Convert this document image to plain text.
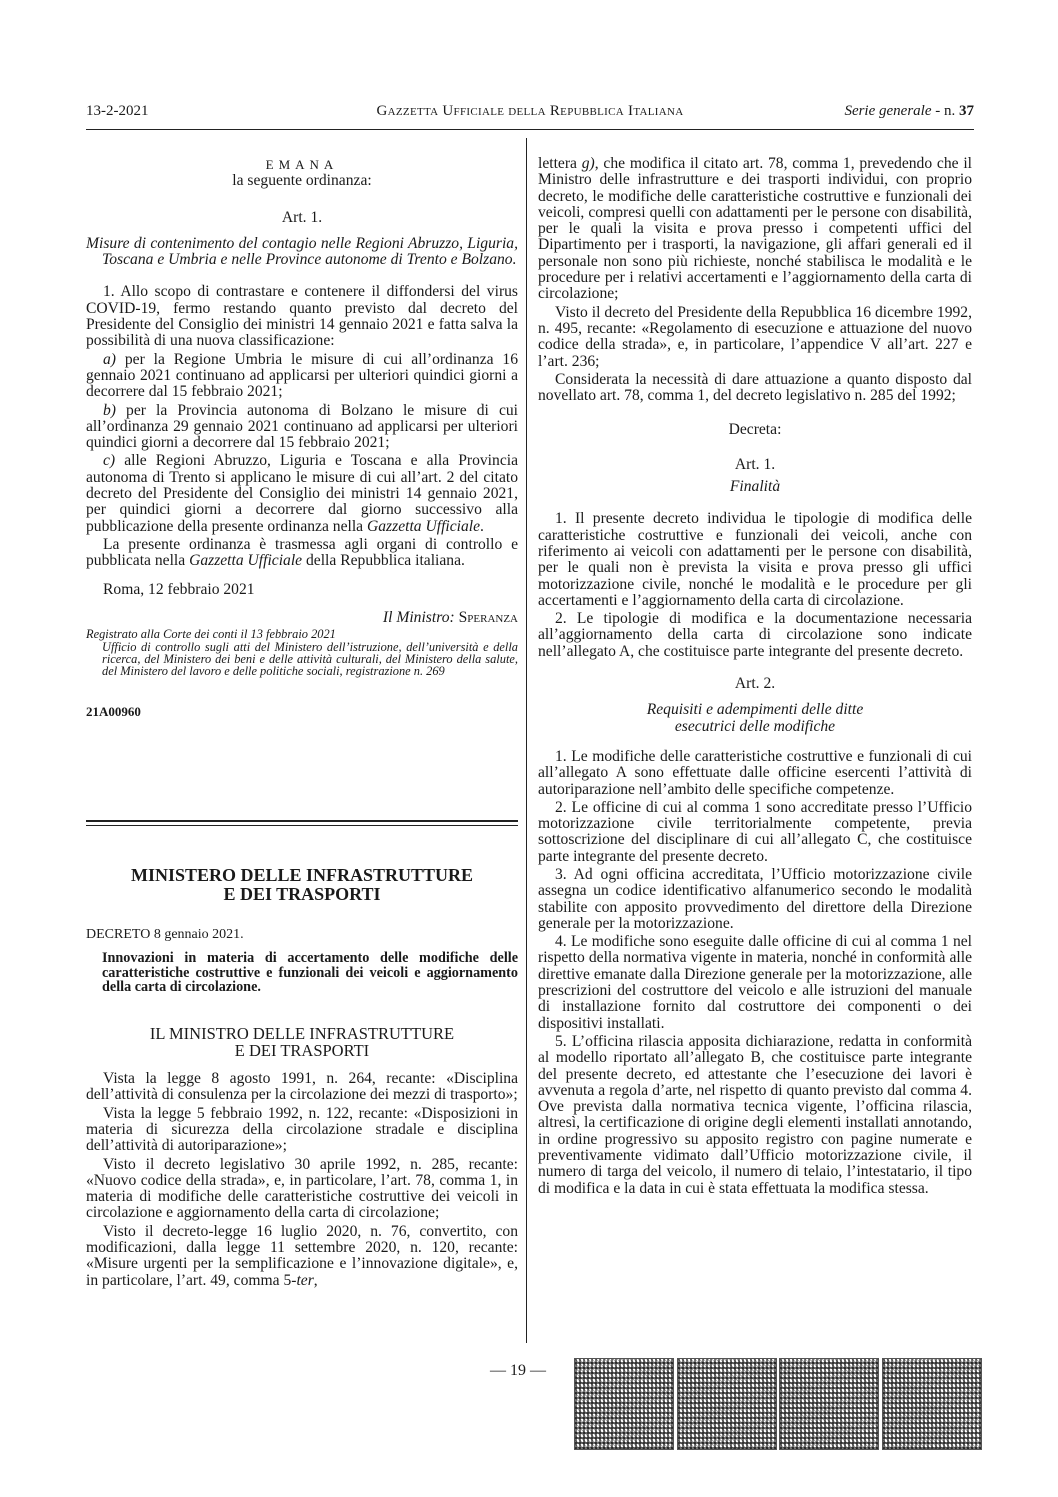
13-2-2021	Gazzetta Ufficiale della Repubblica Italiana	Serie generale - n. 37

EMANA

la seguente ordinanza:

Art. 1.

Misure di contenimento del contagio nelle Regioni Abruzzo, Liguria, Toscana e Umbria e nelle Province autonome di Trento e Bolzano.

1. Allo scopo di contrastare e contenere il diffondersi del virus COVID-19, fermo restando quanto previsto dal decreto del Presidente del Consiglio dei ministri 14 gennaio 2021 e fatta salva la possibilità di una nuova classificazione:

a) per la Regione Umbria le misure di cui all’ordinanza 16 gennaio 2021 continuano ad applicarsi per ulteriori quindici giorni a decorrere dal 15 febbraio 2021;

b) per la Provincia autonoma di Bolzano le misure di cui all’ordinanza 29 gennaio 2021 continuano ad applicarsi per ulteriori quindici giorni a decorrere dal 15 febbraio 2021;

c) alle Regioni Abruzzo, Liguria e Toscana e alla Provincia autonoma di Trento si applicano le misure di cui all’art. 2 del citato decreto del Presidente del Consiglio dei ministri 14 gennaio 2021, per quindici giorni a decorrere dal giorno successivo alla pubblicazione della presente ordinanza nella Gazzetta Ufficiale.

La presente ordinanza è trasmessa agli organi di controllo e pubblicata nella Gazzetta Ufficiale della Repubblica italiana.

Roma, 12 febbraio 2021

Il Ministro: Speranza

Registrato alla Corte dei conti il 13 febbraio 2021

Ufficio di controllo sugli atti del Ministero dell’istruzione, dell’università e della ricerca, del Ministero dei beni e delle attività culturali, del Ministero della salute, del Ministero del lavoro e delle politiche sociali, registrazione n. 269

21A00960

MINISTERO DELLE INFRASTRUTTURE

E DEI TRASPORTI

DECRETO 8 gennaio 2021.

Innovazioni in materia di accertamento delle modifiche delle caratteristiche costruttive e funzionali dei veicoli e aggiornamento della carta di circolazione.

IL MINISTRO DELLE INFRASTRUTTURE

E DEI TRASPORTI

Vista la legge 8 agosto 1991, n. 264, recante: «Disciplina dell’attività di consulenza per la circolazione dei mezzi di trasporto»;

Vista la legge 5 febbraio 1992, n. 122, recante: «Disposizioni in materia di sicurezza della circolazione stradale e disciplina dell’attività di autoriparazione»;

Visto il decreto legislativo 30 aprile 1992, n. 285, recante: «Nuovo codice della strada», e, in particolare, l’art. 78, comma 1, in materia di modifiche delle caratteristiche costruttive dei veicoli in circolazione e aggiornamento della carta di circolazione;

Visto il decreto-legge 16 luglio 2020, n. 76, convertito, con modificazioni, dalla legge 11 settembre 2020, n. 120, recante: «Misure urgenti per la semplificazione e l’innovazione digitale», e, in particolare, l’art. 49, comma 5-ter,

lettera g), che modifica il citato art. 78, comma 1, prevedendo che il Ministro delle infrastrutture e dei trasporti individui, con proprio decreto, le modifiche delle caratteristiche costruttive e funzionali dei veicoli, compresi quelli con adattamenti per le persone con disabilità, per le quali la visita e prova presso i competenti uffici del Dipartimento per i trasporti, la navigazione, gli affari generali ed il personale non sono più richieste, nonché stabilisca le modalità e le procedure per i relativi accertamenti e l’aggiornamento della carta di circolazione;

Visto il decreto del Presidente della Repubblica 16 dicembre 1992, n. 495, recante: «Regolamento di esecuzione e attuazione del nuovo codice della strada», e, in particolare, l’appendice V all’art. 227 e l’art. 236;

Considerata la necessità di dare attuazione a quanto disposto dal novellato art. 78, comma 1, del decreto legislativo n. 285 del 1992;

Decreta:

Art. 1.

Finalità

1. Il presente decreto individua le tipologie di modifica delle caratteristiche costruttive e funzionali dei veicoli, anche con riferimento ai veicoli con adattamenti per le persone con disabilità, per le quali non è prevista la visita e prova presso gli uffici motorizzazione civile, nonché le modalità e le procedure per gli accertamenti e l’aggiornamento della carta di circolazione.

2. Le tipologie di modifica e la documentazione necessaria all’aggiornamento della carta di circolazione sono indicate nell’allegato A, che costituisce parte integrante del presente decreto.

Art. 2.

Requisiti e adempimenti delle ditte

esecutrici delle modifiche

1. Le modifiche delle caratteristiche costruttive e funzionali di cui all’allegato A sono effettuate dalle officine esercenti l’attività di autoriparazione nell’ambito delle specifiche competenze.

2. Le officine di cui al comma 1 sono accreditate presso l’Ufficio motorizzazione civile territorialmente competente, previa sottoscrizione del disciplinare di cui all’allegato C, che costituisce parte integrante del presente decreto.

3. Ad ogni officina accreditata, l’Ufficio motorizzazione civile assegna un codice identificativo alfanumerico secondo le modalità stabilite con apposito provvedimento del direttore della Direzione generale per la motorizzazione.

4. Le modifiche sono eseguite dalle officine di cui al comma 1 nel rispetto della normativa vigente in materia, nonché in conformità alle direttive emanate dalla Direzione generale per la motorizzazione, alle prescrizioni del costruttore del veicolo e alle istruzioni del manuale di installazione fornito dal costruttore dei componenti o dei dispositivi installati.

5. L’officina rilascia apposita dichiarazione, redatta in conformità al modello riportato all’allegato B, che costituisce parte integrante del presente decreto, ed attestante che l’esecuzione dei lavori è avvenuta a regola d’arte, nel rispetto di quanto previsto dal comma 4. Ove prevista dalla normativa tecnica vigente, l’officina rilascia, altresì, la certificazione di origine degli elementi installati annotando, in ordine progressivo su apposito registro con pagine numerate e preventivamente vidimato dall’Ufficio motorizzazione civile, il numero di targa del veicolo, il numero di telaio, l’intestatario, il tipo di modifica e la data in cui è stata effettuata la modifica stessa.

— 19 —
